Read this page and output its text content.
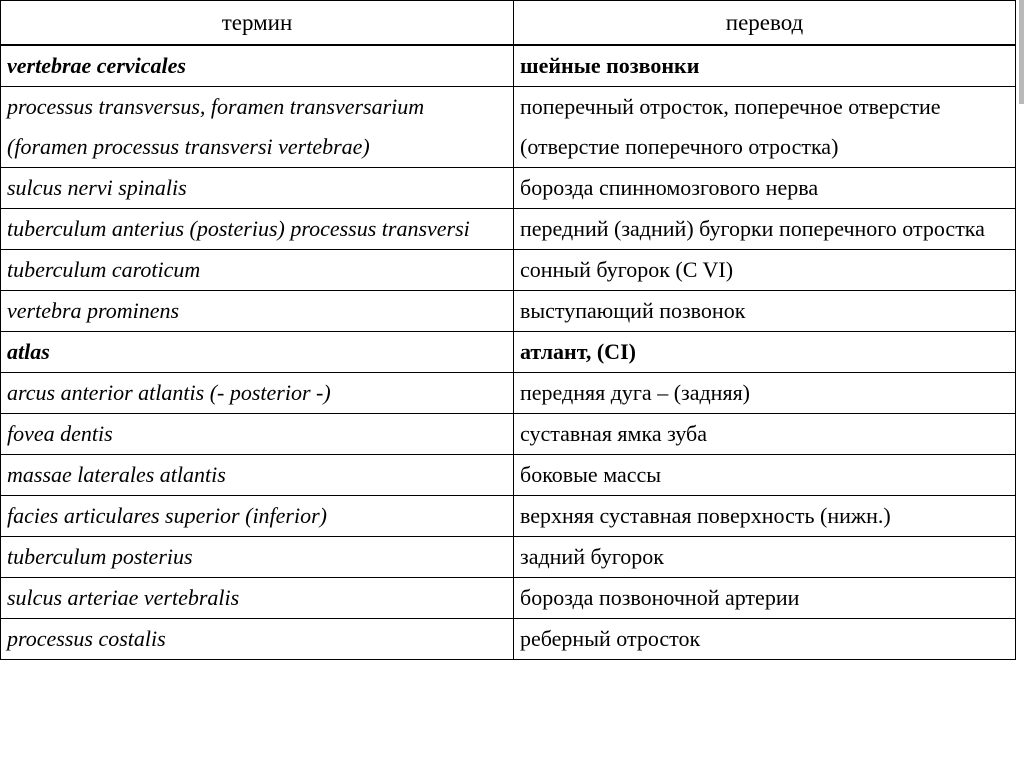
термин	перевод
vertebrae cervicales	шейные позвонки
processus transversus, foramen transversarium (foramen processus transversi vertebrae)	поперечный отросток, поперечное отверстие (отверстие поперечного отростка)
sulcus nervi spinalis	борозда спинномозгового нерва
tuberculum anterius (posterius) processus transversi	передний (задний) бугорки поперечного отростка
tuberculum caroticum	сонный бугорок (C VI)
vertebra prominens	выступающий позвонок
atlas	атлант, (CI)
arcus anterior atlantis (- posterior -)	передняя дуга – (задняя)
fovea dentis	суставная ямка зуба
massae laterales atlantis	боковые массы
facies articulares superior (inferior)	верхняя суставная поверхность (нижн.)
tuberculum posterius	задний бугорок
sulcus arteriae vertebralis	борозда позвоночной артерии
processus costalis	реберный отросток
